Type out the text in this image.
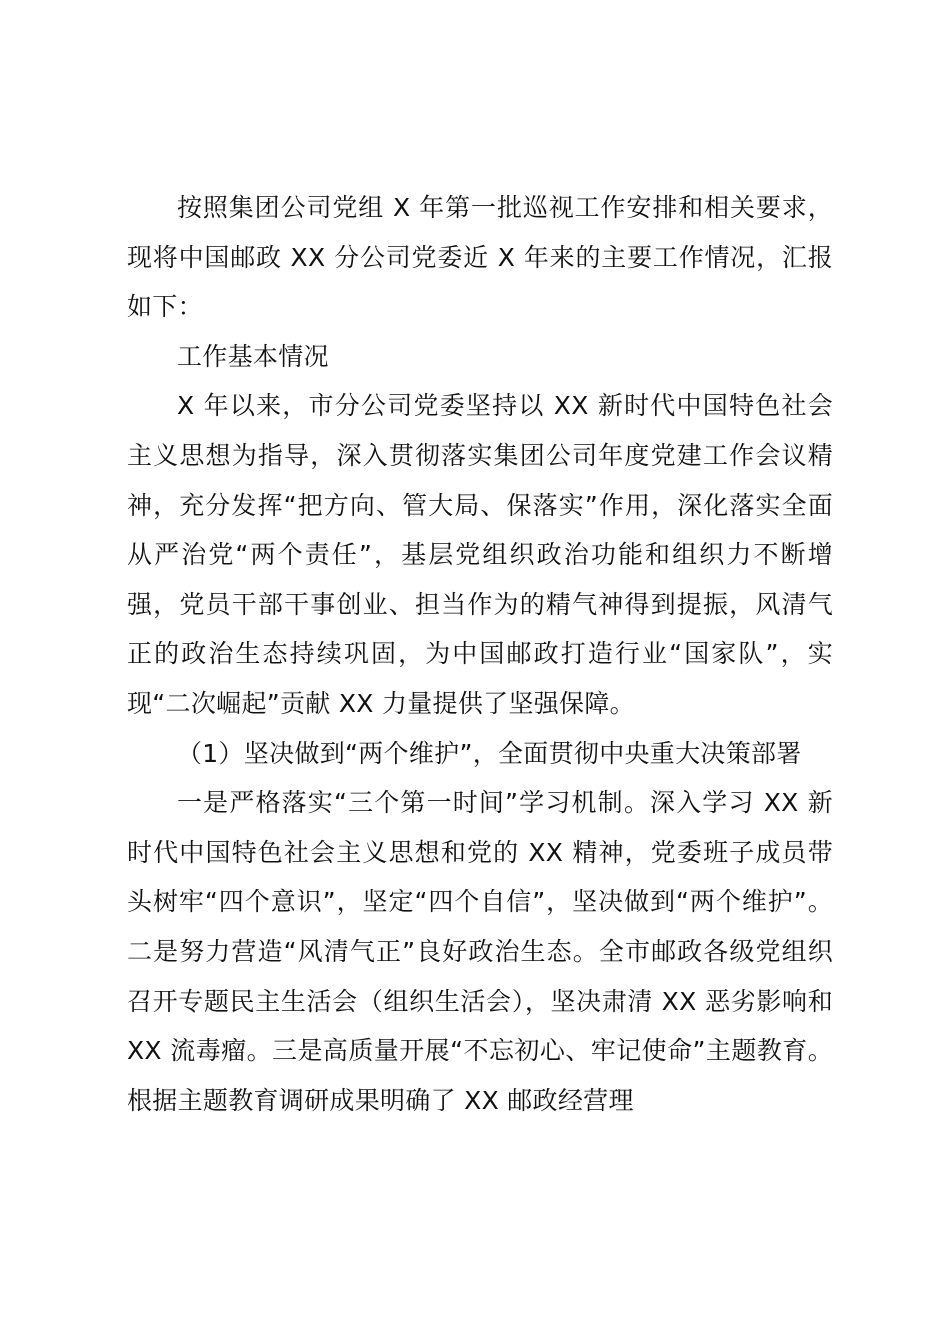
按照集团公司党组 X 年第一批巡视工作安排和相关要求，现将中国邮政 XX 分公司党委近 X 年来的主要工作情况，汇报如下：

工作基本情况

X 年以来，市分公司党委坚持以 XX 新时代中国特色社会主义思想为指导，深入贯彻落实集团公司年度党建工作会议精神，充分发挥“把方向、管大局、保落实”作用，深化落实全面从严治党“两个责任”，基层党组织政治功能和组织力不断增强，党员干部干事创业、担当作为的精气神得到提振，风清气正的政治生态持续巩固，为中国邮政打造行业“国家队”，实现“二次崛起”贡献 XX 力量提供了坚强保障。

（1）坚决做到“两个维护”，全面贯彻中央重大决策部署

一是严格落实“三个第一时间”学习机制。深入学习 XX 新时代中国特色社会主义思想和党的 XX 精神，党委班子成员带头树牢“四个意识”，坚定“四个自信”，坚决做到“两个维护”。二是努力营造“风清气正”良好政治生态。全市邮政各级党组织召开专题民主生活会（组织生活会），坚决肃清 XX 恶劣影响和 XX 流毒瘤。三是高质量开展“不忘初心、牢记使命”主题教育。根据主题教育调研成果明确了 XX 邮政经营理
